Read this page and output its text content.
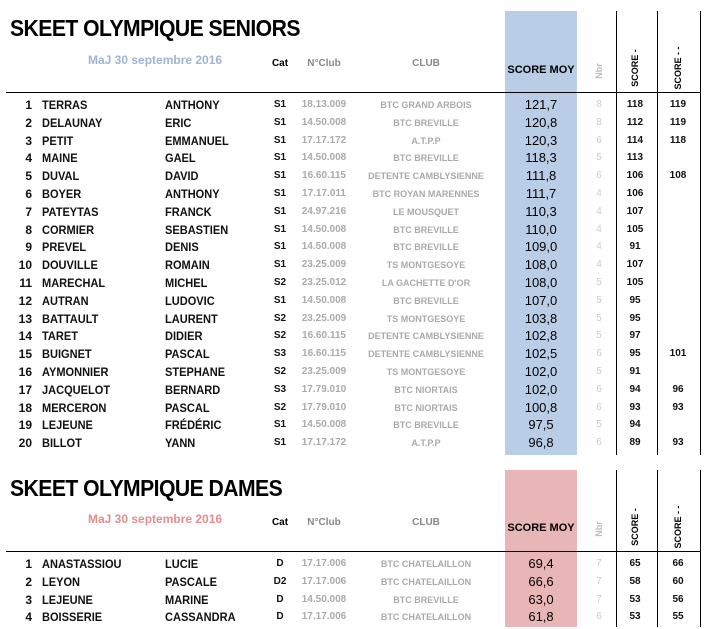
SKEET OLYMPIQUE SENIORS
MaJ 30 septembre 2016	Cat	N°Club	CLUB
SCORE MOY Nbr	SCORE -	SCORE - -
1 TERRAS	ANTHONY	S1	18.13.009	BTC GRAND ARBOIS	121,7	8	118	119
2 DELAUNAY	ERIC	S1	14.50.008	BTC BREVILLE	120,8	8	112	119
3 PETIT	EMMANUEL	S1	17.17.172	A.T.P.P	120,3	6	114	118
4 MAINE	GAEL	S1	14.50.008	BTC BREVILLE	118,3	5	113
5 DUVAL	DAVID	S1	16.60.115	DETENTE CAMBLYSIENNE	111,8	6	106	108
6 BOYER	ANTHONY	S1	17.17.011	BTC ROYAN MARENNES	111,7	4	106
7 PATEYTAS	FRANCK	S1	24.97.216	LE MOUSQUET	110,3	4	107
8 CORMIER	SEBASTIEN	S1	14.50.008	BTC BREVILLE	110,0	4	105
9 PREVEL	DENIS	S1	14.50.008	BTC BREVILLE	109,0	4	91
10 DOUVILLE	ROMAIN	S1	23.25.009	TS MONTGESOYE	108,0	4	107
11 MARECHAL	MICHEL	S2	23.25.012	LA GACHETTE D'OR	108,0	5	105
12 AUTRAN	LUDOVIC	S1	14.50.008	BTC BREVILLE	107,0	5	95
13 BATTAULT	LAURENT	S2	23.25.009	TS MONTGESOYE	103,8	5	95
14 TARET	DIDIER	S2	16.60.115	DETENTE CAMBLYSIENNE	102,8	5	97
15 BUIGNET	PASCAL	S3	16.60.115	DETENTE CAMBLYSIENNE	102,5	6	95	101
16 AYMONNIER	STEPHANE	S2	23.25.009	TS MONTGESOYE	102,0	5	91
17 JACQUELOT	BERNARD	S3	17.79.010	BTC NIORTAIS	102,0	6	94	96
18 MERCERON	PASCAL	S2	17.79.010	BTC NIORTAIS	100,8	6	93	93
19 LEJEUNE	FRÉDÉRIC	S1	14.50.008	BTC BREVILLE	97,5	5	94
20 BILLOT	YANN	S1	17.17.172	A.T.P.P	96,8	6	89	93
SKEET OLYMPIQUE DAMES
MaJ 30 septembre 2016	Cat	N°Club	CLUB	SCORE MOY Nbr	SCORE -	SCORE - -
1 ANASTASSIOU	LUCIE	D	17.17.006	BTC CHATELAILLON	69,4	7	65	66
2 LEYON	PASCALE	D2	17.17.006	BTC CHATELAILLON	66,6	7	58	60
3 LEJEUNE	MARINE	D	14.50.008	BTC BREVILLE	63,0	7	53	56
4 BOISSERIE	CASSANDRA	D	17.17.006	BTC CHATELAILLON	61,8	6	53	55
